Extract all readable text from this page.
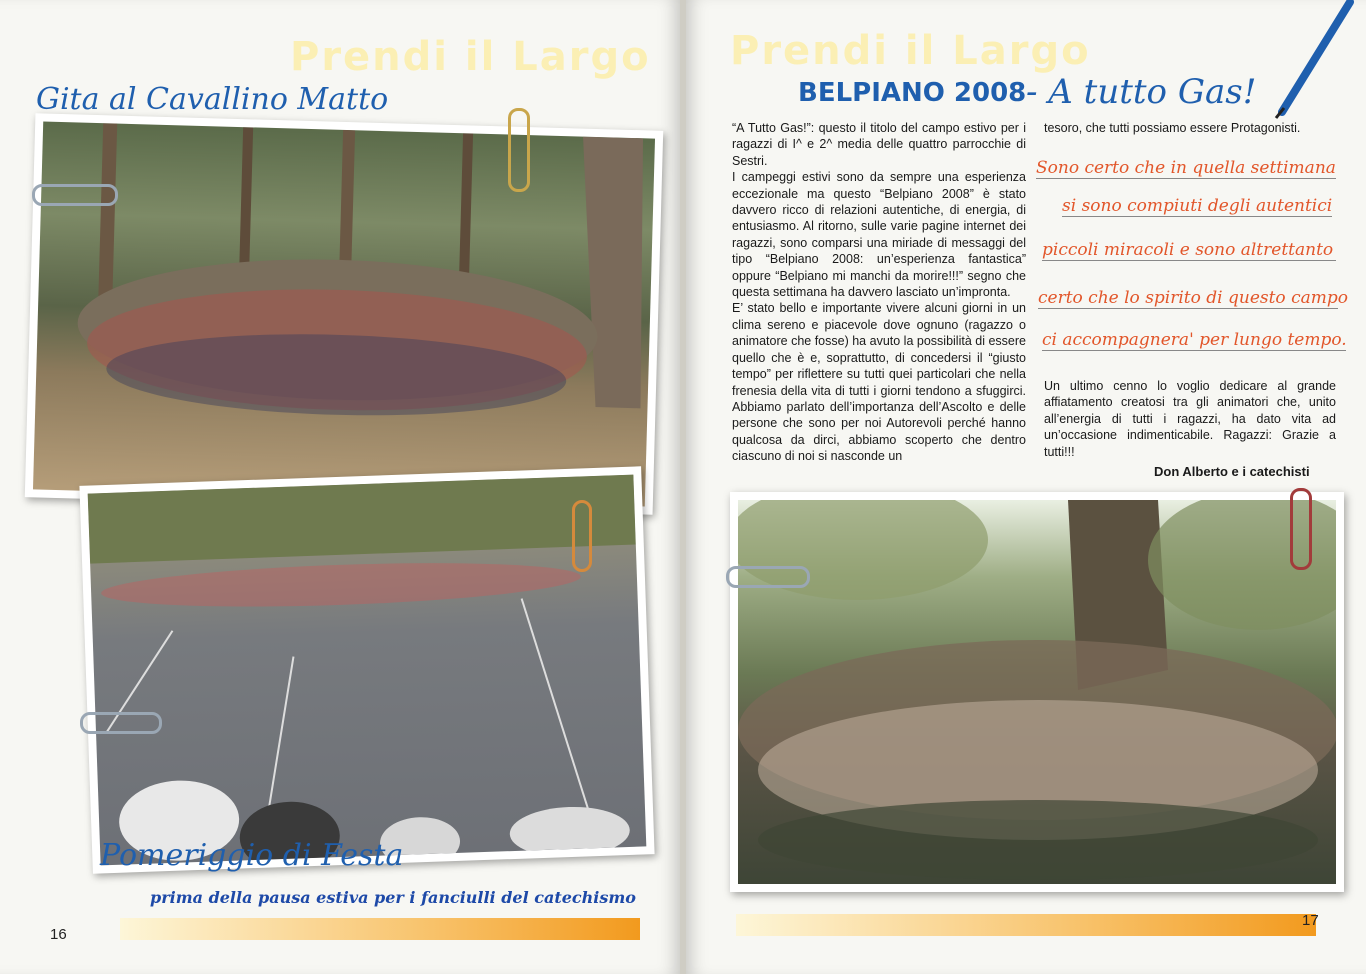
Prendi il Largo
Gita al Cavallino Matto
Pomeriggio di Festa
prima della pausa estiva per i fanciulli del catechismo
16
Prendi il Largo
BELPIANO 2008 - A tutto Gas!

“A Tutto Gas!”: questo il titolo del campo estivo per i ragazzi di I^ e 2^ media delle quattro parrocchie di Sestri.

I campeggi estivi sono da sempre una esperienza eccezionale ma questo “Belpiano 2008” è stato davvero ricco di relazioni autentiche, di energia, di entusiasmo. Al ritorno, sulle varie pagine internet dei ragazzi, sono comparsi una miriade di messaggi del tipo “Belpiano 2008: un’esperienza fantastica” oppure “Belpiano mi manchi da morire!!!” segno che questa settimana ha davvero lasciato un’impronta.

E’ stato bello e importante vivere alcuni giorni in un clima sereno e piacevole dove ognuno (ragazzo o animatore che fosse) ha avuto la possibilità di essere quello che è e, soprattutto, di concedersi il “giusto tempo” per riflettere su tutti quei particolari che nella frenesia della vita di tutti i giorni tendono a sfuggirci. Abbiamo parlato dell’importanza dell’Ascolto e delle persone che sono per noi Autorevoli perché hanno qualcosa da dirci, abbiamo scoperto che dentro ciascuno di noi si nasconde un

tesoro, che tutti possiamo essere Protagonisti.

Sono certo che in quella settimana
si sono compiuti degli autentici
piccoli miracoli e sono altrettanto
certo che lo spirito di questo campo
ci accompagnera' per lungo tempo.

Un ultimo cenno lo voglio dedicare al grande affiatamento creatosi tra gli animatori che, unito all’energia di tutti i ragazzi, ha dato vita ad un’occasione indimenticabile. Ragazzi: Grazie a tutti!!!

Don Alberto e i catechisti
17
